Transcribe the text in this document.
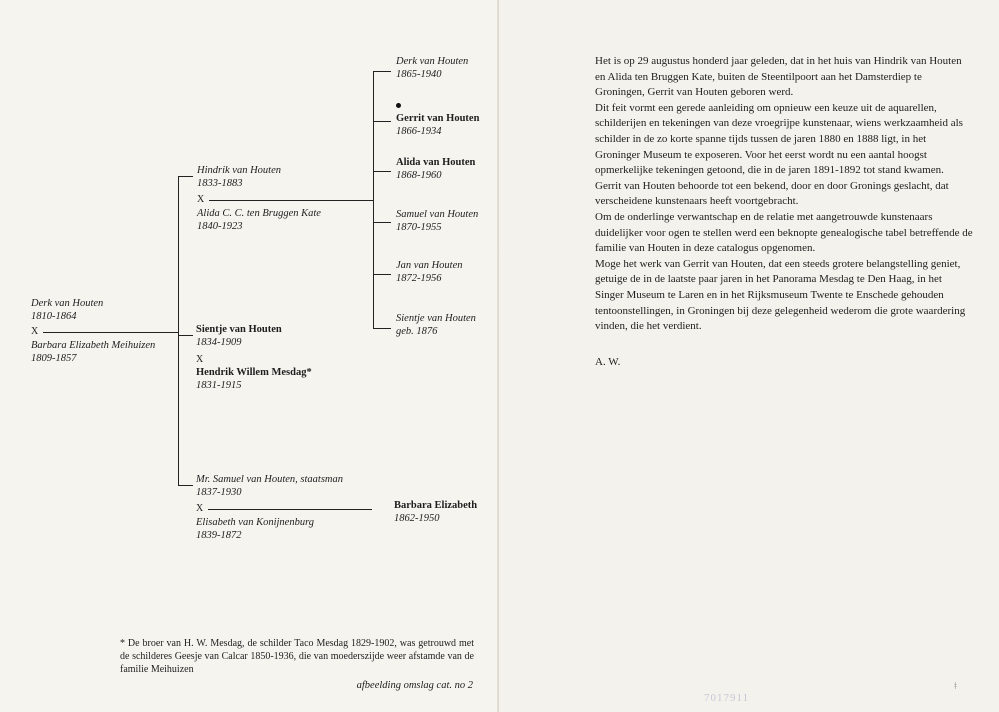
Derk van Houten
1810-1864
X
Barbara Elizabeth Meihuizen
1809-1857
Hindrik van Houten
1833-1883
X
Alida C. C. ten Bruggen Kate
1840-1923
Sientje van Houten
1834-1909
X
Hendrik Willem Mesdag*
1831-1915
Mr. Samuel van Houten, staatsman
1837-1930
X
Elisabeth van Konijnenburg
1839-1872
Derk van Houten
1865-1940
Gerrit van Houten
1866-1934
Alida van Houten
1868-1960
Samuel van Houten
1870-1955
Jan van Houten
1872-1956
Sientje van Houten
geb. 1876
Barbara Elizabeth
1862-1950
* De broer van H. W. Mesdag, de schilder Taco Mesdag 1829-1902, was getrouwd met de schilderes Geesje van Calcar 1850-1936, die van moederszijde weer afstamde van de familie Meihuizen
afbeelding omslag cat. no 2

Het is op 29 augustus honderd jaar geleden, dat in het huis van Hindrik van Houten en Alida ten Bruggen Kate, buiten de Steentilpoort aan het Damsterdiep te Groningen, Gerrit van Houten geboren werd.

Dit feit vormt een gerede aanleiding om opnieuw een keuze uit de aquarellen, schilderijen en tekeningen van deze vroegrijpe kunstenaar, wiens werkzaamheid als schilder in de zo korte spanne tijds tussen de jaren 1880 en 1888 ligt, in het Groninger Museum te exposeren. Voor het eerst wordt nu een aantal hoogst opmerkelijke tekeningen getoond, die in de jaren 1891-1892 tot stand kwamen.

Gerrit van Houten behoorde tot een bekend, door en door Gronings geslacht, dat verscheidene kunstenaars heeft voortgebracht.

Om de onderlinge verwantschap en de relatie met aangetrouwde kunstenaars duidelijker voor ogen te stellen werd een beknopte genealogische tabel betreffende de familie van Houten in deze catalogus opgenomen.

Moge het werk van Gerrit van Houten, dat een steeds grotere belangstelling geniet, getuige de in de laatste paar jaren in het Panorama Mesdag te Den Haag, in het Singer Museum te Laren en in het Rijksmuseum Twente te Enschede gehouden tentoonstellingen, in Groningen bij deze gelegenheid wederom die grote waardering vinden, die het verdient.

A. W.
7017911
ǂ
